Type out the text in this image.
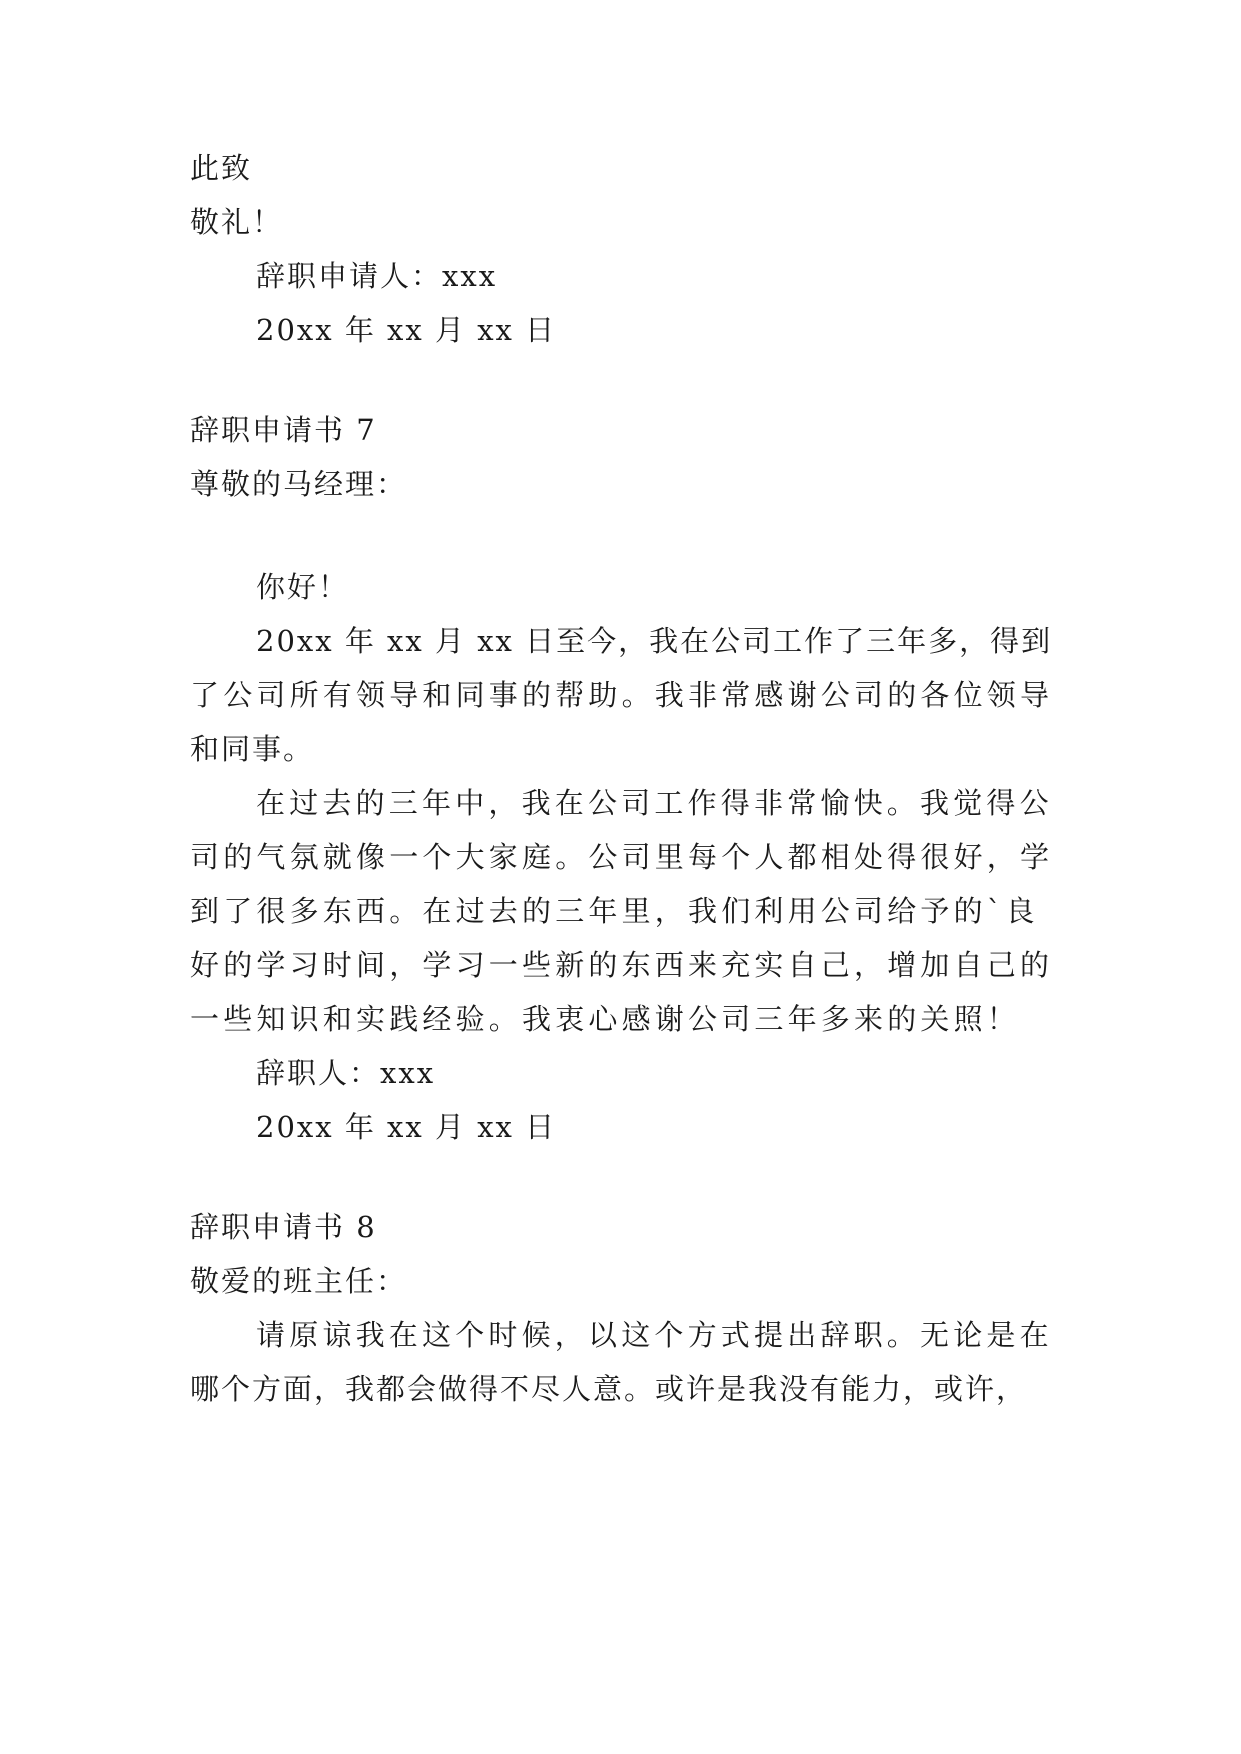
此致
敬礼！
辞职申请人：xxx
20xx 年 xx 月 xx 日
辞职申请书 7
尊敬的马经理：
你好！
20xx 年 xx 月 xx 日至今，我在公司工作了三年多，得到
了公司所有领导和同事的帮助。我非常感谢公司的各位领导
和同事。
在过去的三年中，我在公司工作得非常愉快。我觉得公
司的气氛就像一个大家庭。公司里每个人都相处得很好，学
到了很多东西。在过去的三年里，我们利用公司给予的`良
好的学习时间，学习一些新的东西来充实自己，增加自己的
一些知识和实践经验。我衷心感谢公司三年多来的关照！
辞职人：xxx
20xx 年 xx 月 xx 日
辞职申请书 8
敬爱的班主任：
请原谅我在这个时候，以这个方式提出辞职。无论是在
哪个方面，我都会做得不尽人意。或许是我没有能力，或许，
